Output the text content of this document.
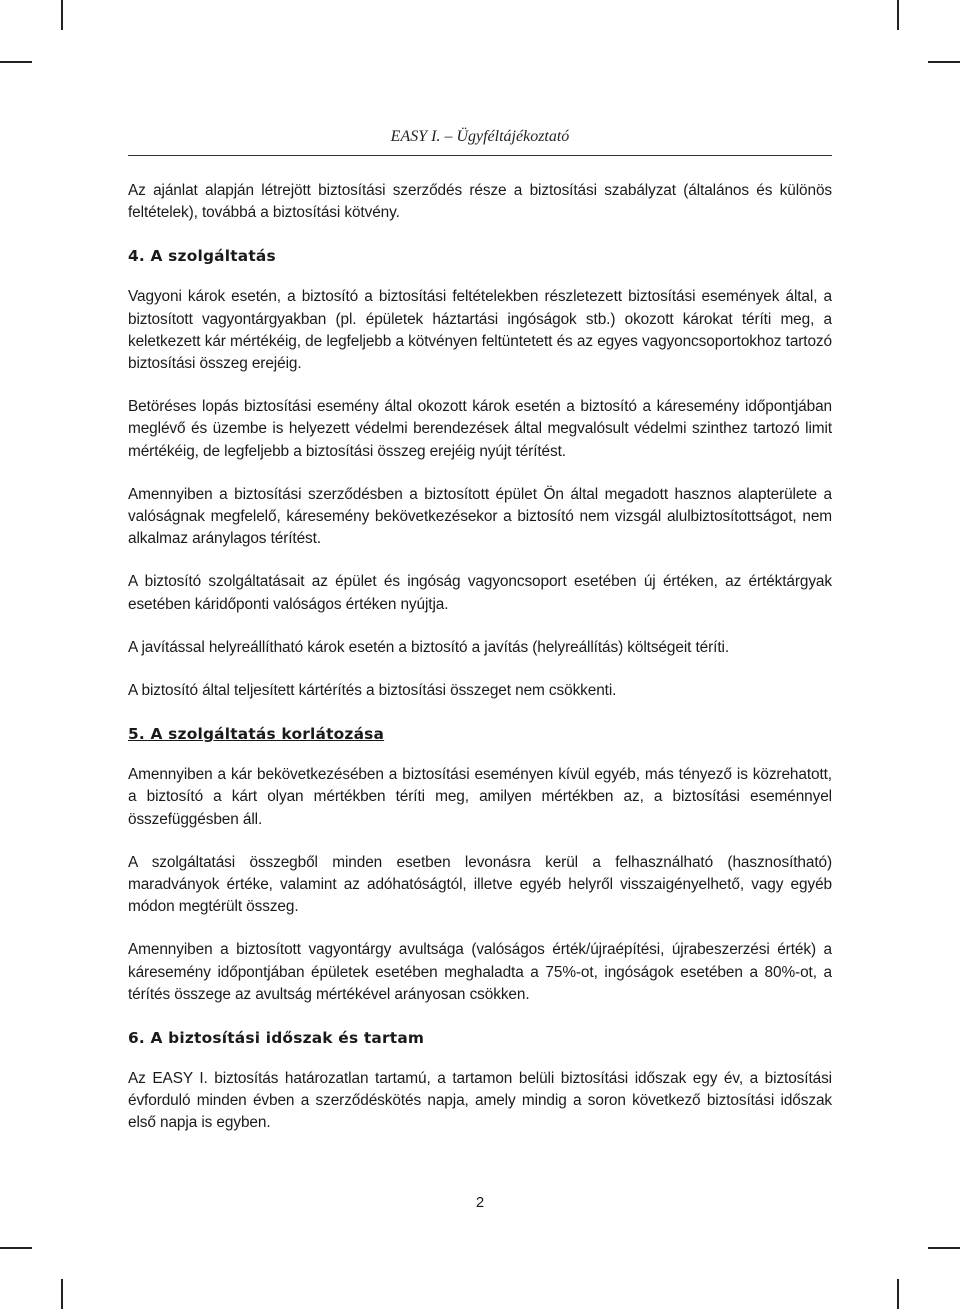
EASY I. – Ügyféltájékoztató

Az ajánlat alapján létrejött biztosítási szerződés része a biztosítási szabályzat (általános és különös feltételek), továbbá a biztosítási kötvény.

4. A szolgáltatás

Vagyoni károk esetén, a biztosító a biztosítási feltételekben részletezett biztosítási események által, a biztosított vagyontárgyakban (pl. épületek háztartási ingóságok stb.) okozott károkat téríti meg, a keletkezett kár mértékéig, de legfeljebb a kötvényen feltüntetett és az egyes vagyoncsoportokhoz tartozó biztosítási összeg erejéig.

Betöréses lopás biztosítási esemény által okozott károk esetén a biztosító a káresemény időpontjában meglévő és üzembe is helyezett védelmi berendezések által megvalósult védelmi szinthez tartozó limit mértékéig, de legfeljebb a biztosítási összeg erejéig nyújt térítést.

Amennyiben a biztosítási szerződésben a biztosított épület Ön által megadott hasznos alapterülete a valóságnak megfelelő, káresemény bekövetkezésekor a biztosító nem vizsgál alulbiztosítottságot, nem alkalmaz aránylagos térítést.

A biztosító szolgáltatásait az épület és ingóság vagyoncsoport esetében új értéken, az értéktárgyak esetében káridőponti valóságos értéken nyújtja.

A javítással helyreállítható károk esetén a biztosító a javítás (helyreállítás) költségeit téríti.

A biztosító által teljesített kártérítés a biztosítási összeget nem csökkenti.

5. A szolgáltatás korlátozása

Amennyiben a kár bekövetkezésében a biztosítási eseményen kívül egyéb, más tényező is közrehatott, a biztosító a kárt olyan mértékben téríti meg, amilyen mértékben az, a biztosítási eseménnyel összefüggésben áll.

A szolgáltatási összegből minden esetben levonásra kerül a felhasználható (hasznosítható) maradványok értéke, valamint az adóhatóságtól, illetve egyéb helyről visszaigényelhető, vagy egyéb módon megtérült összeg.

Amennyiben a biztosított vagyontárgy avultsága (valóságos érték/újraépítési, újrabeszerzési érték) a káresemény időpontjában épületek esetében meghaladta a 75%-ot, ingóságok esetében a 80%-ot, a térítés összege az avultság mértékével arányosan csökken.

6. A biztosítási időszak és tartam

Az EASY I. biztosítás határozatlan tartamú, a tartamon belüli biztosítási időszak egy év, a biztosítási évforduló minden évben a szerződéskötés napja, amely mindig a soron következő biztosítási időszak első napja is egyben.

2
